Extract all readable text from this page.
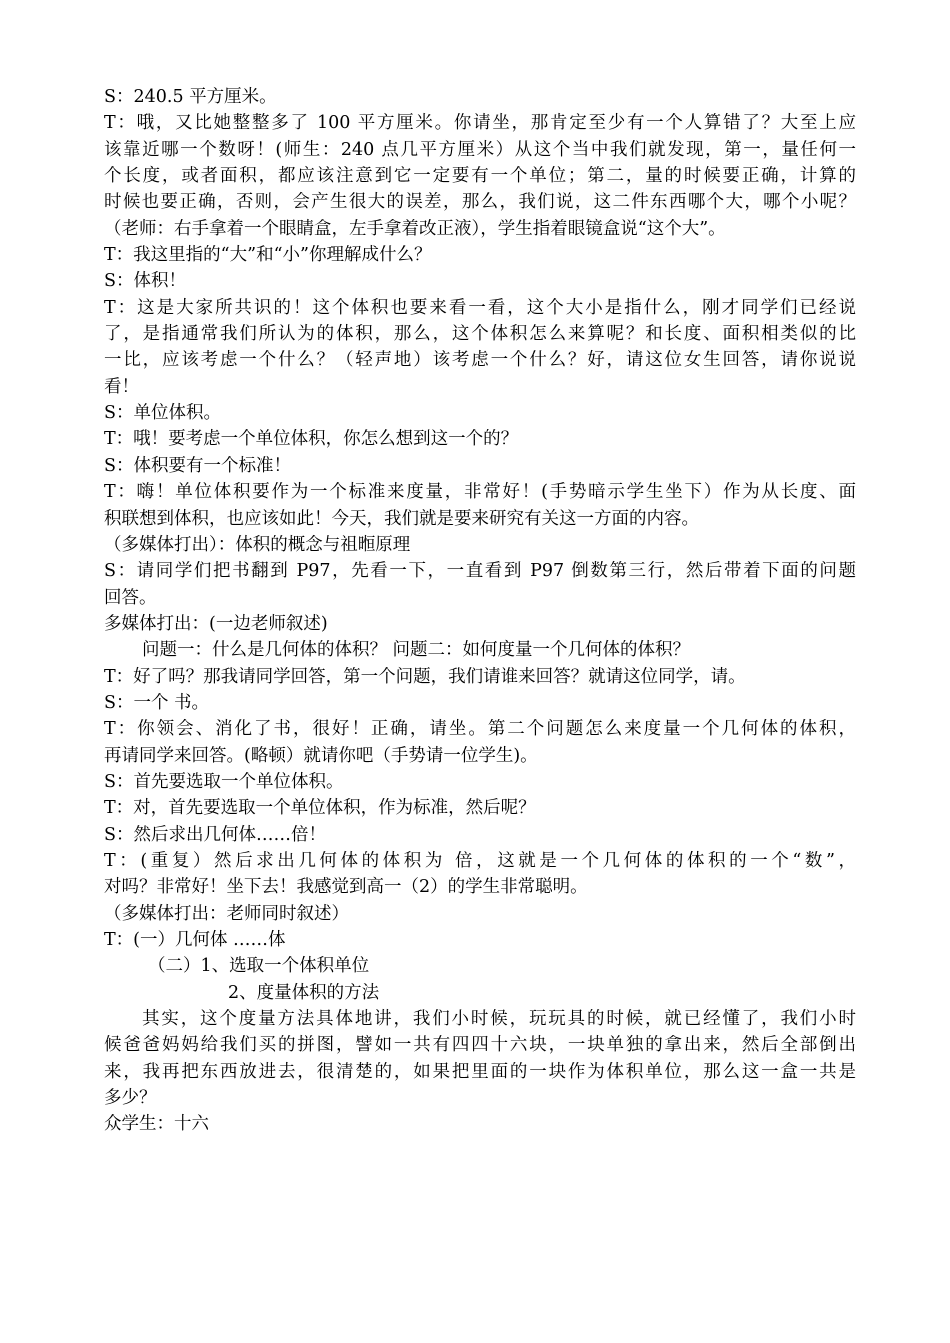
S：240.5 平方厘米。
T：哦，又比她整整多了 100 平方厘米。你请坐，那肯定至少有一个人算错了？大至上应
该靠近哪一个数呀！(师生：240 点几平方厘米）从这个当中我们就发现，第一，量任何一
个长度，或者面积，都应该注意到它一定要有一个单位；第二，量的时候要正确，计算的
时候也要正确，否则，会产生很大的误差，那么，我们说，这二件东西哪个大，哪个小呢？
（老师：右手拿着一个眼睛盒，左手拿着改正液），学生指着眼镜盒说“这个大”。
T：我这里指的“大”和“小”你理解成什么？
S：体积！
T：这是大家所共识的！这个体积也要来看一看，这个大小是指什么，刚才同学们已经说
了，是指通常我们所认为的体积，那么，这个体积怎么来算呢？和长度、面积相类似的比
一比，应该考虑一个什么？（轻声地）该考虑一个什么？好，请这位女生回答，请你说说
看！
S：单位体积。
T：哦！要考虑一个单位体积，你怎么想到这一个的？
S：体积要有一个标准！
T：嗨！单位体积要作为一个标准来度量，非常好！(手势暗示学生坐下）作为从长度、面
积联想到体积，也应该如此！今天，我们就是要来研究有关这一方面的内容。
（多媒体打出）：体积的概念与祖暅原理
S：请同学们把书翻到 P97，先看一下，一直看到 P97 倒数第三行，然后带着下面的问题
回答。
多媒体打出：(一边老师叙述)
问题一：什么是几何体的体积？ 问题二：如何度量一个几何体的体积？
T：好了吗？那我请同学回答，第一个问题，我们请谁来回答？就请这位同学，请。
S：一个 书。
T：你领会、消化了书，很好！正确，请坐。第二个问题怎么来度量一个几何体的体积，
再请同学来回答。(略顿）就请你吧（手势请一位学生)。
S：首先要选取一个单位体积。
T：对，首先要选取一个单位体积，作为标准，然后呢？
S：然后求出几何体……倍！
T：(重复）然后求出几何体的体积为 倍，这就是一个几何体的体积的一个“数”，
对吗？非常好！坐下去！我感觉到高一（2）的学生非常聪明。
（多媒体打出：老师同时叙述）
T：(一）几何体 ……体
（二）1、选取一个体积单位
2、度量体积的方法
其实，这个度量方法具体地讲，我们小时候，玩玩具的时候，就已经懂了，我们小时
候爸爸妈妈给我们买的拼图，譬如一共有四四十六块，一块单独的拿出来，然后全部倒出
来，我再把东西放进去，很清楚的，如果把里面的一块作为体积单位，那么这一盒一共是
多少？
众学生：十六
